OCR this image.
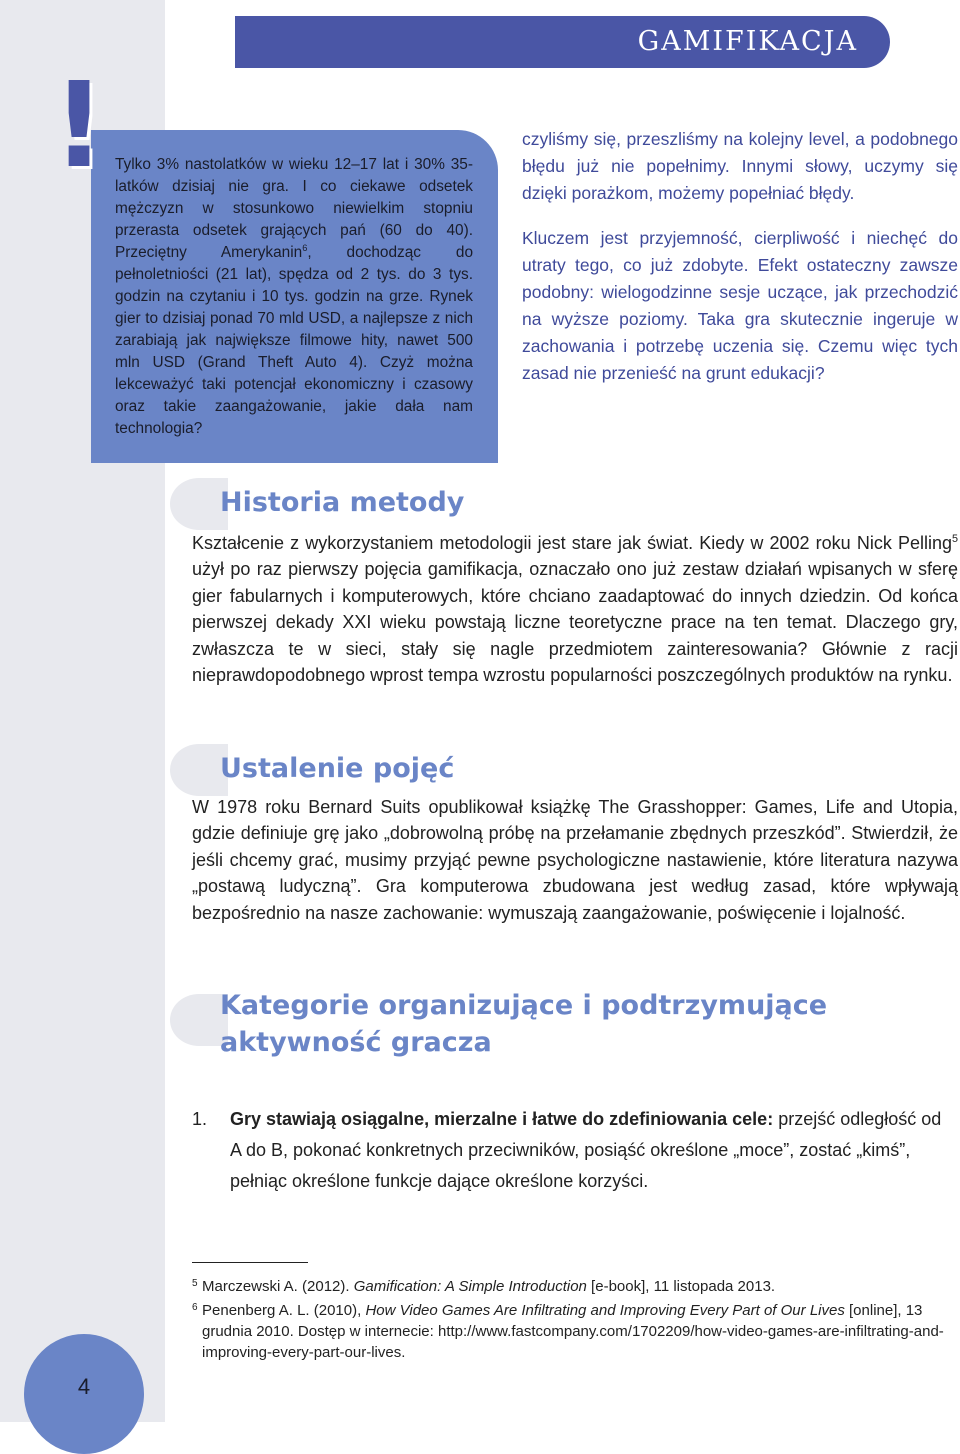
GAMIFIKACJA

Tylko 3% nastolatków w wieku 12–17 lat i 30% 35-latków dzisiaj nie gra. I co ciekawe odsetek mężczyzn w stosunkowo niewielkim stopniu przerasta odsetek grających pań (60 do 40). Przeciętny Amerykanin$^6$, dochodząc do pełnoletniości (21 lat), spędza od 2 tys. do 3 tys. godzin na czytaniu i 10 tys. godzin na grze. Rynek gier to dzisiaj ponad 70 mld USD, a najlepsze z nich zarabiają jak największe filmowe hity, nawet 500 mln USD (Grand Theft Auto 4). Czyż można lekceważyć taki potencjał ekonomiczny i czasowy oraz takie zaangażowanie, jakie dała nam technologia?

!	czyliśmy się, przeszliśmy na kolejny level, a podobnego błędu już nie popełnimy. Innymi słowy, uczymy się dzięki porażkom, możemy popełniać błędy.

Kluczem jest przyjemność, cierpliwość i niechęć do utraty tego, co już zdobyte. Efekt ostateczny zawsze podobny: wielogodzinne sesje uczące, jak przechodzić na wyższe poziomy. Taka gra skutecznie ingeruje w zachowania i potrzebę uczenia się. Czemu więc tych zasad nie przenieść na grunt edukacji?

Historia metody

Kształcenie z wykorzystaniem metodologii jest stare jak świat. Kiedy w 2002 roku Nick Pelling$^5$ użył po raz pierwszy pojęcia gamifikacja, oznaczało ono już zestaw działań wpisanych w sferę gier fabularnych i komputerowych, które chciano zaadaptować do innych dziedzin. Od końca pierwszej dekady XXI wieku powstają liczne teoretyczne prace na ten temat. Dlaczego gry, zwłaszcza te w sieci, stały się nagle przedmiotem zainteresowania? Głównie z racji nieprawdopodobnego wprost tempa wzrostu popularności poszczególnych produktów na rynku.

Ustalenie pojęć

W 1978 roku Bernard Suits opublikował książkę The Grasshopper: Games, Life and Utopia, gdzie definiuje grę jako „dobrowolną próbę na przełamanie zbędnych przeszkód”. Stwierdził, że jeśli chcemy grać, musimy przyjąć pewne psychologiczne nastawienie, które literatura nazywa „postawą ludyczną”. Gra komputerowa zbudowana jest według zasad, które wpływają bezpośrednio na nasze zachowanie: wymuszają zaangażowanie, poświęcenie i lojalność.

Kategorie organizujące i podtrzymujące
aktywność gracza
1. Gry stawiają osiągalne, mierzalne i łatwe do zdefiniowania cele: przejść odległość od A do B, pokonać konkretnych przeciwników, posiąść określone „moce”, zostać „kimś”, pełniąc określone funkcje dające określone korzyści.
5 Marczewski A. (2012). Gamification: A Simple Introduction [e-book], 11 listopada 2013.
6 Penenberg A. L. (2010), How Video Games Are Infiltrating and Improving Every Part of Our Lives [online], 13 grudnia 2010. Dostęp w internecie: http://www.fastcompany.com/1702209/how-video-games-are-infiltrating-and-improving-every-part-our-lives.
4
